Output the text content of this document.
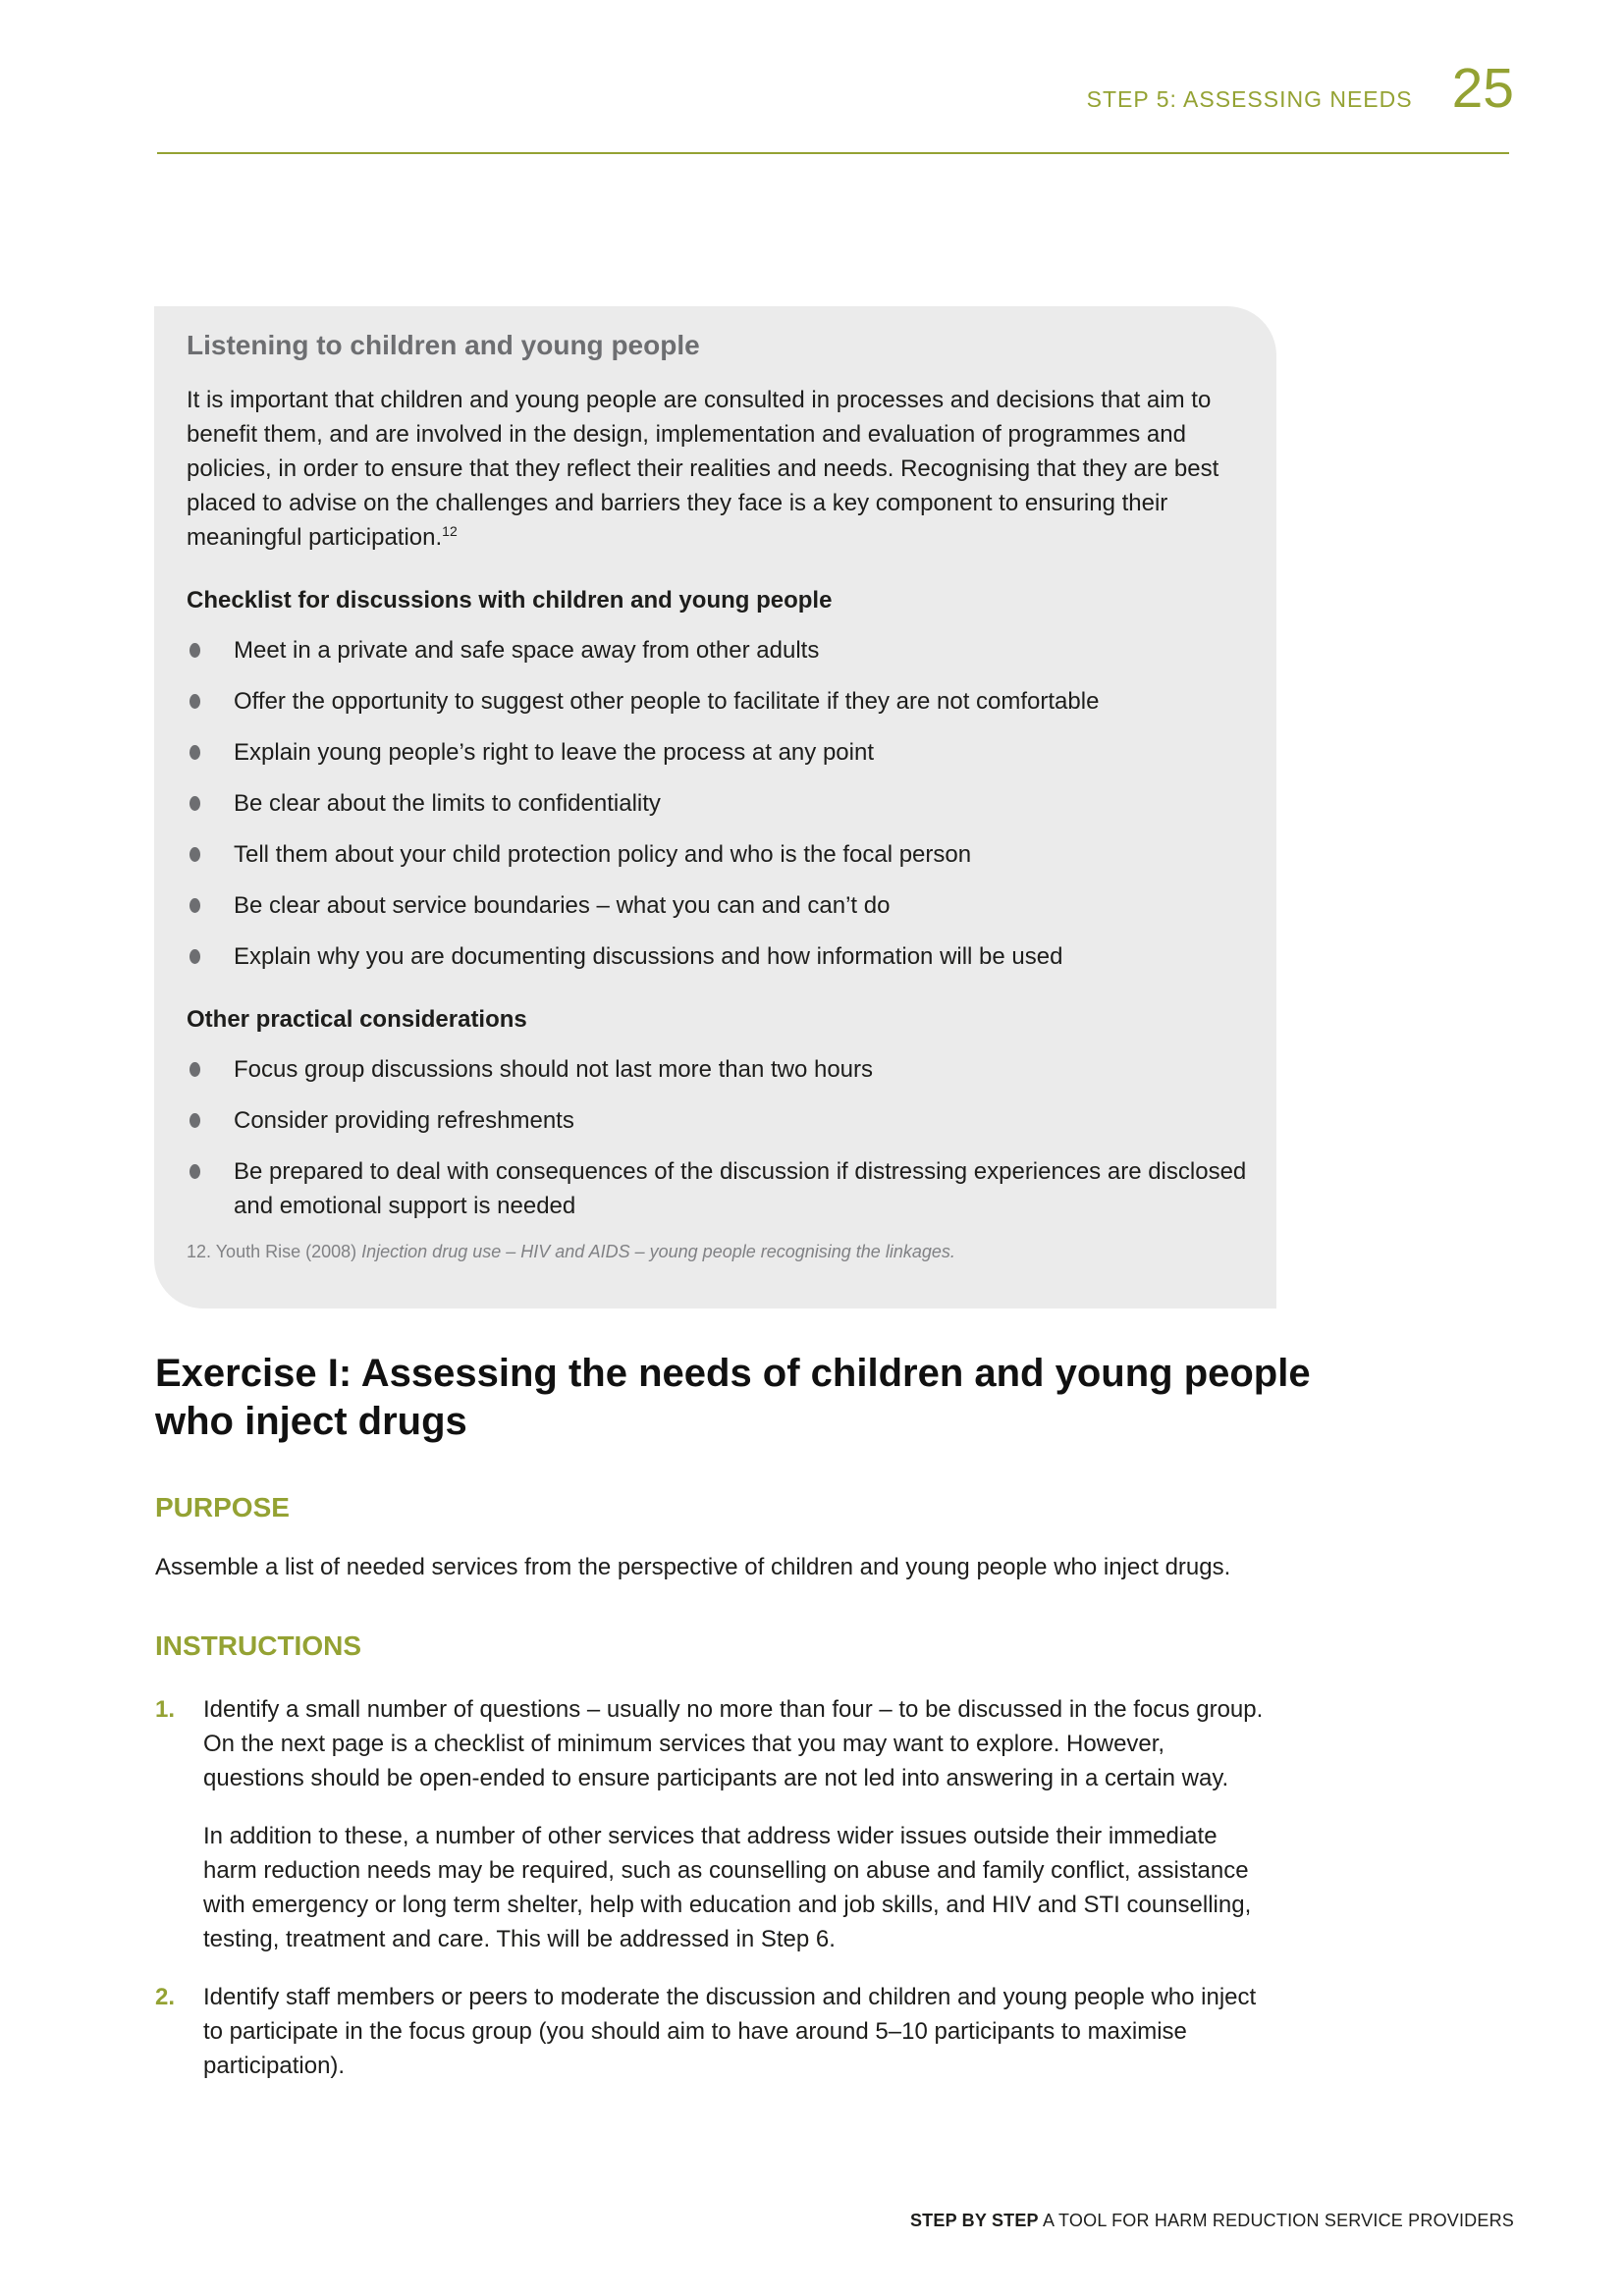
STEP 5: ASSESSING NEEDS 25
Listening to children and young people

It is important that children and young people are consulted in processes and decisions that aim to benefit them, and are involved in the design, implementation and evaluation of programmes and policies, in order to ensure that they reflect their realities and needs. Recognising that they are best placed to advise on the challenges and barriers they face is a key component to ensuring their meaningful participation.$^{12}$

Checklist for discussions with children and young people

Meet in a private and safe space away from other adults
Offer the opportunity to suggest other people to facilitate if they are not comfortable
Explain young people’s right to leave the process at any point
Be clear about the limits to confidentiality
Tell them about your child protection policy and who is the focal person
Be clear about service boundaries – what you can and can’t do
Explain why you are documenting discussions and how information will be used

Other practical considerations

Focus group discussions should not last more than two hours
Consider providing refreshments
Be prepared to deal with consequences of the discussion if distressing experiences are disclosed and emotional support is needed

12. Youth Rise (2008) Injection drug use – HIV and AIDS – young people recognising the linkages.

Exercise I: Assessing the needs of children and young people who inject drugs

PURPOSE

Assemble a list of needed services from the perspective of children and young people who inject drugs.

INSTRUCTIONS

1. Identify a small number of questions – usually no more than four – to be discussed in the focus group. On the next page is a checklist of minimum services that you may want to explore. However, questions should be open-ended to ensure participants are not led into answering in a certain way.

In addition to these, a number of other services that address wider issues outside their immediate harm reduction needs may be required, such as counselling on abuse and family conflict, assistance with emergency or long term shelter, help with education and job skills, and HIV and STI counselling, testing, treatment and care. This will be addressed in Step 6.

2. Identify staff members or peers to moderate the discussion and children and young people who inject to participate in the focus group (you should aim to have around 5–10 participants to maximise participation).

STEP BY STEP A TOOL FOR HARM REDUCTION SERVICE PROVIDERS
